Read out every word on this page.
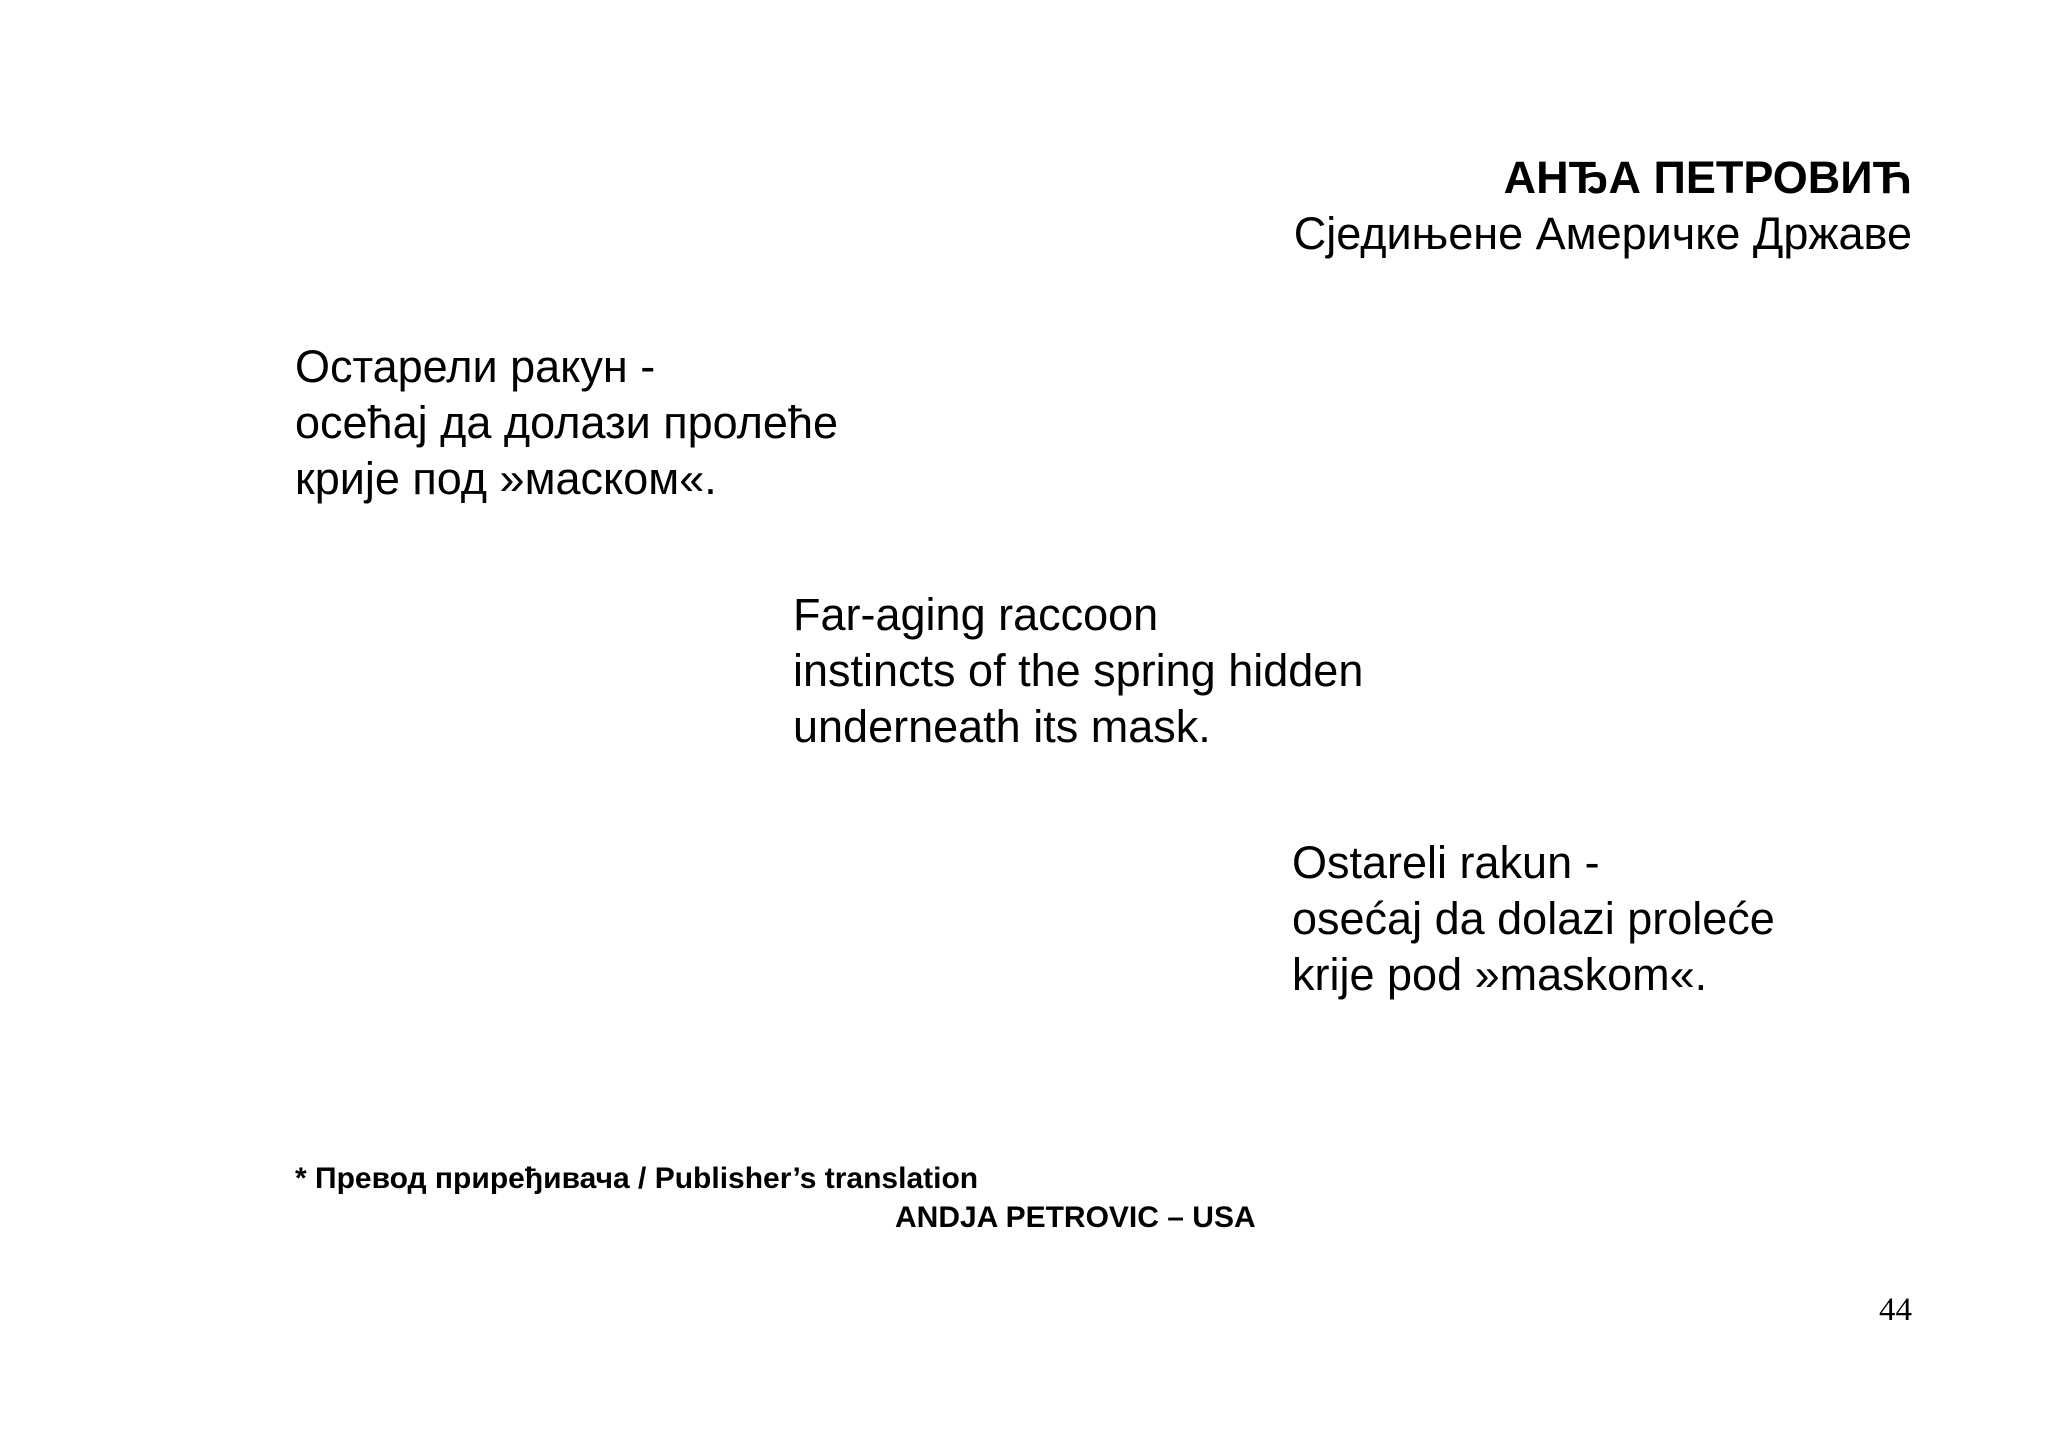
АНЂА ПЕТРОВИЋ
Сједињене Америчке Државе
Остарели ракун -
осећај да долази пролеће
крије под »маском«.
Far-aging raccoon
instincts of the spring hidden
underneath its mask.
Ostareli rakun -
osećaj da dolazi proleće
krije pod »maskom«.
* Превод приређивача / Publisher’s translation
ANDJA PETROVIC – USA
44
